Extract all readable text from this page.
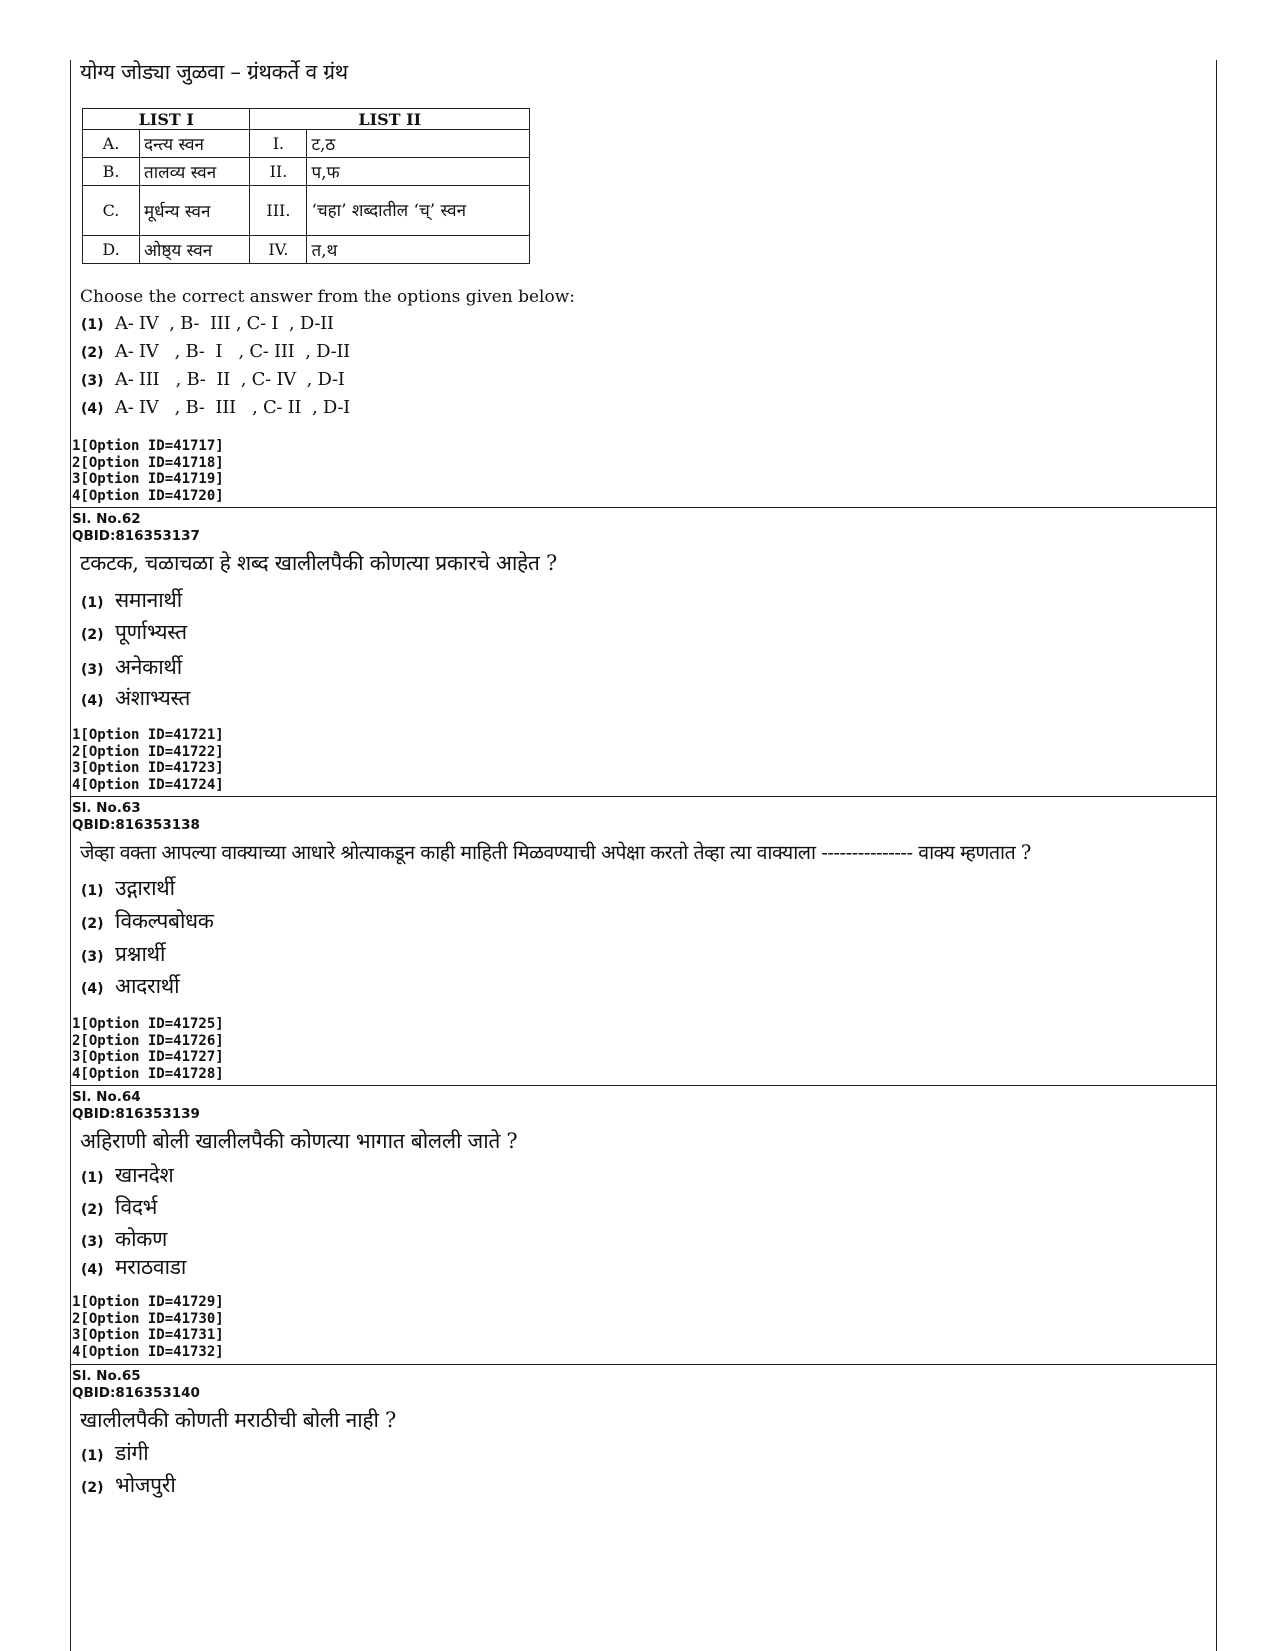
योग्य जोड्या जुळवा – ग्रंथकर्ते व ग्रंथ
LIST I		LIST II	
A.	दन्त्य स्वन	I.	ट,ठ
B.	तालव्य स्वन	II.	प,फ
C.	मूर्धन्य स्वन	III.	‘चहा’ शब्दातील ‘च्’ स्वन
D.	ओष्ठ्य स्वन	IV.	त,थ
Choose the correct answer from the options given below:
(1) A- IV  , B-  III , C- I  , D-II
(2) A- IV   , B-  I   , C- III  , D-II
(3) A- III   , B-  II  , C- IV  , D-I
(4) A- IV   , B-  III   , C- II  , D-I
1[Option ID=41717]
2[Option ID=41718]
3[Option ID=41719]
4[Option ID=41720]
Sl. No.62
QBID:816353137
टकटक, चळाचळा हे शब्द खालीलपैकी कोणत्या प्रकारचे आहेत ?
(1) समानार्थी
(2) पूर्णाभ्यस्त
(3) अनेकार्थी
(4) अंशाभ्यस्त
1[Option ID=41721]
2[Option ID=41722]
3[Option ID=41723]
4[Option ID=41724]
Sl. No.63
QBID:816353138
जेव्हा वक्ता आपल्या वाक्याच्या आधारे श्रोत्याकडून काही माहिती मिळवण्याची अपेक्षा करतो तेव्हा त्या वाक्याला --------------- वाक्य म्हणतात ?
(1) उद्गारार्थी
(2) विकल्पबोधक
(3) प्रश्नार्थी
(4) आदरार्थी
1[Option ID=41725]
2[Option ID=41726]
3[Option ID=41727]
4[Option ID=41728]
Sl. No.64
QBID:816353139
अहिराणी बोली खालीलपैकी कोणत्या भागात बोलली जाते ?
(1) खानदेश
(2) विदर्भ
(3) कोकण
(4) मराठवाडा
1[Option ID=41729]
2[Option ID=41730]
3[Option ID=41731]
4[Option ID=41732]
Sl. No.65
QBID:816353140
खालीलपैकी कोणती मराठीची बोली नाही ?
(1) डांगी
(2) भोजपुरी
